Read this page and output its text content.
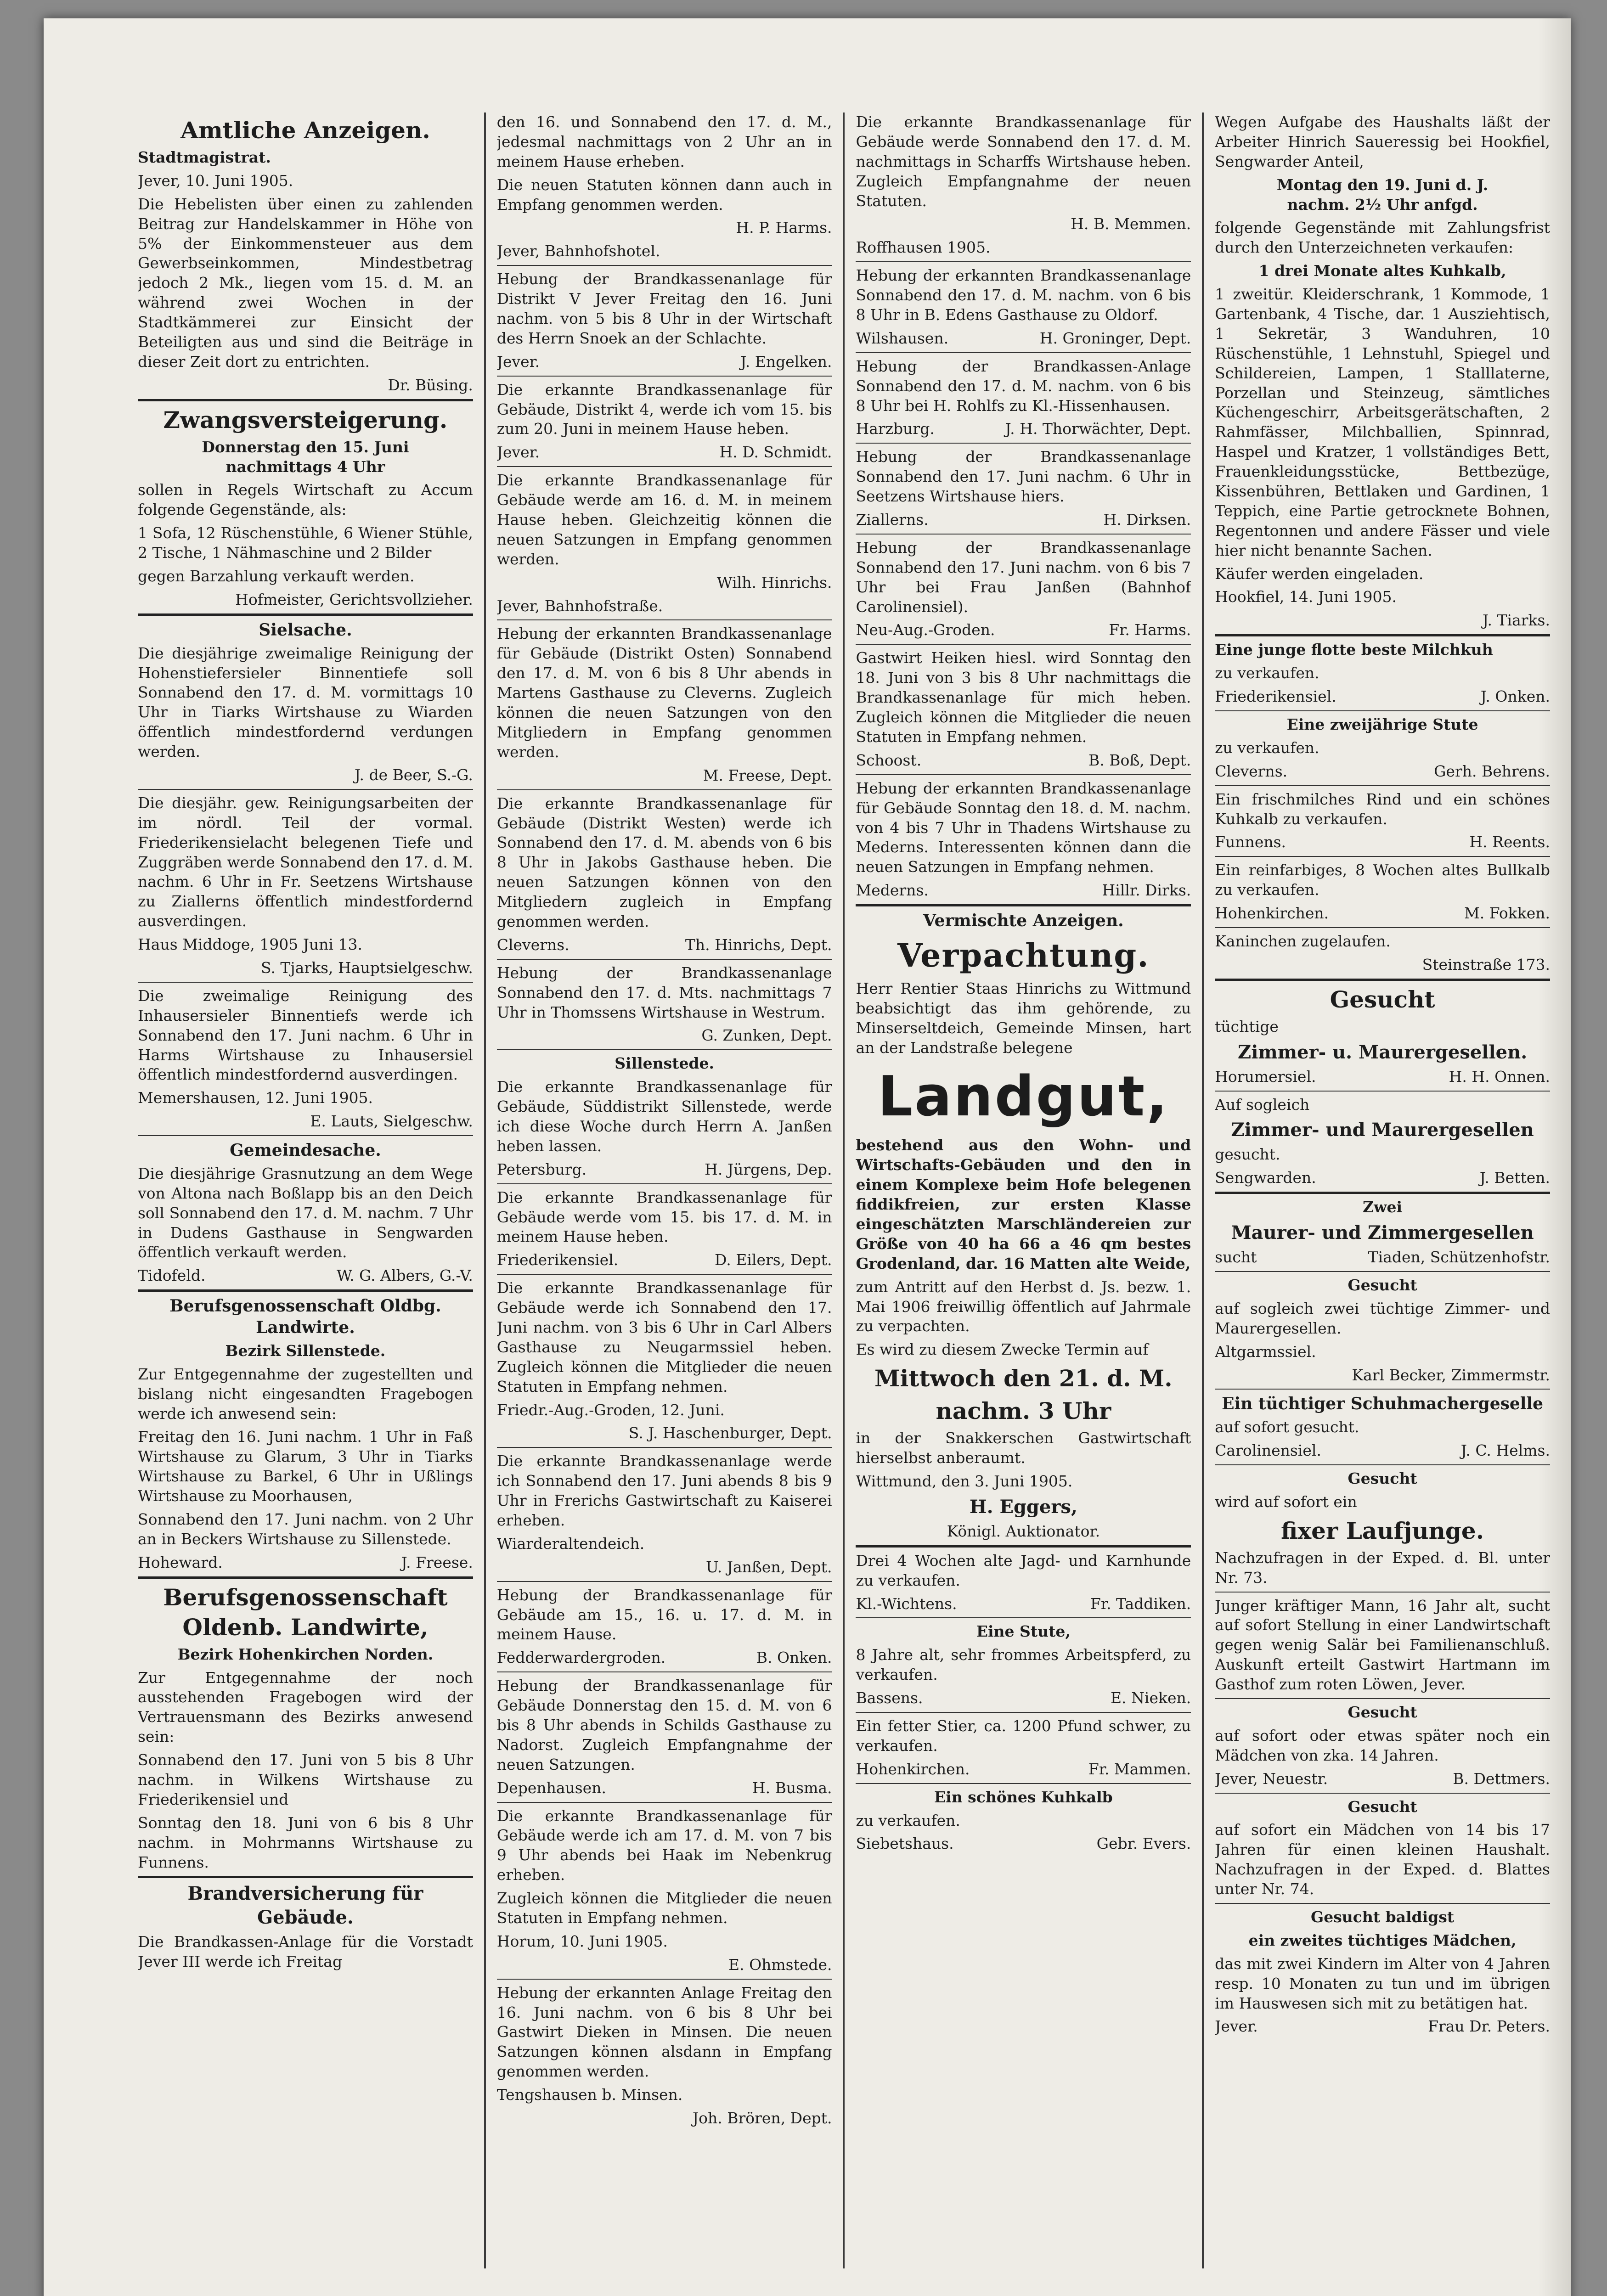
Amtliche Anzeigen.

Stadtmagistrat.

Jever, 10. Juni 1905.

Die Hebelisten über einen zu zahlenden Beitrag zur Handelskammer in Höhe von 5% der Einkommensteuer aus dem Gewerbseinkommen, Mindestbetrag jedoch 2 Mk., liegen vom 15. d. M. an während zwei Wochen in der Stadtkämmerei zur Einsicht der Beteiligten aus und sind die Beiträge in dieser Zeit dort zu entrichten.

Dr. Büsing.
Zwangsversteigerung.

Donnerstag den 15. Juni

nachmittags 4 Uhr

sollen in Regels Wirtschaft zu Accum folgende Gegenstände, als:

1 Sofa, 12 Rüschenstühle, 6 Wiener Stühle, 2 Tische, 1 Nähmaschine und 2 Bilder

gegen Barzahlung verkauft werden.

Hofmeister, Gerichtsvollzieher.
Sielsache.

Die diesjährige zweimalige Reinigung der Hohenstiefersieler Binnentiefe soll Sonnabend den 17. d. M. vormittags 10 Uhr in Tiarks Wirtshause zu Wiarden öffentlich mindestfordernd verdungen werden.

J. de Beer, S.-G.

Die diesjähr. gew. Reinigungsarbeiten der im nördl. Teil der vormal. Friederikensielacht belegenen Tiefe und Zuggräben werde Sonnabend den 17. d. M. nachm. 6 Uhr in Fr. Seetzens Wirtshause zu Ziallerns öffentlich mindestfordernd ausverdingen.

Haus Middoge, 1905 Juni 13.

S. Tjarks, Hauptsielgeschw.

Die zweimalige Reinigung des Inhausersieler Binnentiefs werde ich Sonnabend den 17. Juni nachm. 6 Uhr in Harms Wirtshause zu Inhausersiel öffentlich mindestfordernd ausverdingen.

Memershausen, 12. Juni 1905.

E. Lauts, Sielgeschw.
Gemeindesache.

Die diesjährige Grasnutzung an dem Wege von Altona nach Boßlapp bis an den Deich soll Sonnabend den 17. d. M. nachm. 7 Uhr in Dudens Gasthause in Sengwarden öffentlich verkauft werden.

Tidofeld.	W. G. Albers, G.-V.
Berufsgenossenschaft Oldbg. Landwirte.

Bezirk Sillenstede.

Zur Entgegennahme der zugestellten und bislang nicht eingesandten Fragebogen werde ich anwesend sein:

Freitag den 16. Juni nachm. 1 Uhr in Faß Wirtshause zu Glarum, 3 Uhr in Tiarks Wirtshause zu Barkel, 6 Uhr in Ußlings Wirtshause zu Moorhausen,

Sonnabend den 17. Juni nachm. von 2 Uhr an in Beckers Wirtshause zu Sillenstede.

Hoheward.	J. Freese.
Berufsgenossenschaft Oldenb. Landwirte,

Bezirk Hohenkirchen Norden.

Zur Entgegennahme der noch ausstehenden Fragebogen wird der Vertrauensmann des Bezirks anwesend sein:

Sonnabend den 17. Juni von 5 bis 8 Uhr nachm. in Wilkens Wirtshause zu Friederikensiel und

Sonntag den 18. Juni von 6 bis 8 Uhr nachm. in Mohrmanns Wirtshause zu Funnens.

Brandversicherung für Gebäude.

Die Brandkassen-Anlage für die Vorstadt Jever III werde ich Freitag

den 16. und Sonnabend den 17. d. M., jedesmal nachmittags von 2 Uhr an in meinem Hause erheben.

Die neuen Statuten können dann auch in Empfang genommen werden.

H. P. Harms.

Jever, Bahnhofshotel.

Hebung der Brandkassenanlage für Distrikt V Jever Freitag den 16. Juni nachm. von 5 bis 8 Uhr in der Wirtschaft des Herrn Snoek an der Schlachte.

Jever.	J. Engelken.

Die erkannte Brandkassenanlage für Gebäude, Distrikt 4, werde ich vom 15. bis zum 20. Juni in meinem Hause heben.

Jever.	H. D. Schmidt.

Die erkannte Brandkassenanlage für Gebäude werde am 16. d. M. in meinem Hause heben. Gleichzeitig können die neuen Satzungen in Empfang genommen werden.

Wilh. Hinrichs.

Jever, Bahnhofstraße.

Hebung der erkannten Brandkassenanlage für Gebäude (Distrikt Osten) Sonnabend den 17. d. M. von 6 bis 8 Uhr abends in Martens Gasthause zu Cleverns. Zugleich können die neuen Satzungen von den Mitgliedern in Empfang genommen werden.

M. Freese, Dept.

Die erkannte Brandkassenanlage für Gebäude (Distrikt Westen) werde ich Sonnabend den 17. d. M. abends von 6 bis 8 Uhr in Jakobs Gasthause heben. Die neuen Satzungen können von den Mitgliedern zugleich in Empfang genommen werden.

Cleverns.	Th. Hinrichs, Dept.

Hebung der Brandkassenanlage Sonnabend den 17. d. Mts. nachmittags 7 Uhr in Thomssens Wirtshause in Westrum.

G. Zunken, Dept.

Sillenstede.

Die erkannte Brandkassenanlage für Gebäude, Süddistrikt Sillenstede, werde ich diese Woche durch Herrn A. Janßen heben lassen.

Petersburg.	H. Jürgens, Dep.

Die erkannte Brandkassenanlage für Gebäude werde vom 15. bis 17. d. M. in meinem Hause heben.

Friederikensiel.	D. Eilers, Dept.

Die erkannte Brandkassenanlage für Gebäude werde ich Sonnabend den 17. Juni nachm. von 3 bis 6 Uhr in Carl Albers Gasthause zu Neugarmssiel heben. Zugleich können die Mitglieder die neuen Statuten in Empfang nehmen.

Friedr.-Aug.-Groden, 12. Juni.

S. J. Haschenburger, Dept.

Die erkannte Brandkassenanlage werde ich Sonnabend den 17. Juni abends 8 bis 9 Uhr in Frerichs Gastwirtschaft zu Kaiserei erheben.

Wiarderaltendeich.

U. Janßen, Dept.

Hebung der Brandkassenanlage für Gebäude am 15., 16. u. 17. d. M. in meinem Hause.

Fedderwardergroden.	B. Onken.

Hebung der Brandkassenanlage für Gebäude Donnerstag den 15. d. M. von 6 bis 8 Uhr abends in Schilds Gasthause zu Nadorst. Zugleich Empfangnahme der neuen Satzungen.

Depenhausen.	H. Busma.

Die erkannte Brandkassenanlage für Gebäude werde ich am 17. d. M. von 7 bis 9 Uhr abends bei Haak im Nebenkrug erheben.

Zugleich können die Mitglieder die neuen Statuten in Empfang nehmen.

Horum, 10. Juni 1905.

E. Ohmstede.

Hebung der erkannten Anlage Freitag den 16. Juni nachm. von 6 bis 8 Uhr bei Gastwirt Dieken in Minsen. Die neuen Satzungen können alsdann in Empfang genommen werden.

Tengshausen b. Minsen.

Joh. Brören, Dept.

Die erkannte Brandkassenanlage für Gebäude werde Sonnabend den 17. d. M. nachmittags in Scharffs Wirtshause heben. Zugleich Empfangnahme der neuen Statuten.

H. B. Memmen.

Roffhausen 1905.

Hebung der erkannten Brandkassenanlage Sonnabend den 17. d. M. nachm. von 6 bis 8 Uhr in B. Edens Gasthause zu Oldorf.

Wilshausen.	H. Groninger, Dept.

Hebung der Brandkassen-Anlage Sonnabend den 17. d. M. nachm. von 6 bis 8 Uhr bei H. Rohlfs zu Kl.-Hissenhausen.

Harzburg.	J. H. Thorwächter, Dept.

Hebung der Brandkassenanlage Sonnabend den 17. Juni nachm. 6 Uhr in Seetzens Wirtshause hiers.

Ziallerns.	H. Dirksen.

Hebung der Brandkassenanlage Sonnabend den 17. Juni nachm. von 6 bis 7 Uhr bei Frau Janßen (Bahnhof Carolinensiel).

Neu-Aug.-Groden.	Fr. Harms.

Gastwirt Heiken hiesl. wird Sonntag den 18. Juni von 3 bis 8 Uhr nachmittags die Brandkassenanlage für mich heben. Zugleich können die Mitglieder die neuen Statuten in Empfang nehmen.

Schoost.	B. Boß, Dept.

Hebung der erkannten Brandkassenanlage für Gebäude Sonntag den 18. d. M. nachm. von 4 bis 7 Uhr in Thadens Wirtshause zu Mederns. Interessenten können dann die neuen Satzungen in Empfang nehmen.

Mederns.	Hillr. Dirks.
Vermischte Anzeigen.
Verpachtung.

Herr Rentier Staas Hinrichs zu Wittmund beabsichtigt das ihm gehörende, zu Minserseltdeich, Gemeinde Minsen, hart an der Landstraße belegene

Landgut,

bestehend aus den Wohn- und Wirtschafts-Gebäuden und den in einem Komplexe beim Hofe belegenen fiddikfreien, zur ersten Klasse eingeschätzten Marschländereien zur Größe von 40 ha 66 a 46 qm bestes Grodenland, dar. 16 Matten alte Weide,

zum Antritt auf den Herbst d. Js. bezw. 1. Mai 1906 freiwillig öffentlich auf Jahrmale zu verpachten.

Es wird zu diesem Zwecke Termin auf

Mittwoch den 21. d. M.
nachm. 3 Uhr

in der Snakkerschen Gastwirtschaft hierselbst anberaumt.

Wittmund, den 3. Juni 1905.

H. Eggers,

Königl. Auktionator.

Drei 4 Wochen alte Jagd- und Karnhunde zu verkaufen.

Kl.-Wichtens.	Fr. Taddiken.

Eine Stute,

8 Jahre alt, sehr frommes Arbeitspferd, zu verkaufen.

Bassens.	E. Nieken.

Ein fetter Stier, ca. 1200 Pfund schwer, zu verkaufen.

Hohenkirchen.	Fr. Mammen.

Ein schönes Kuhkalb

zu verkaufen.

Siebetshaus.	Gebr. Evers.

Wegen Aufgabe des Haushalts läßt der Arbeiter Hinrich Saueressig bei Hookfiel, Sengwarder Anteil,

Montag den 19. Juni d. J.

nachm. 2½ Uhr anfgd.

folgende Gegenstände mit Zahlungsfrist durch den Unterzeichneten verkaufen:

1 drei Monate altes Kuhkalb,

1 zweitür. Kleiderschrank, 1 Kommode, 1 Gartenbank, 4 Tische, dar. 1 Ausziehtisch, 1 Sekretär, 3 Wanduhren, 10 Rüschenstühle, 1 Lehnstuhl, Spiegel und Schildereien, Lampen, 1 Stalllaterne, Porzellan und Steinzeug, sämtliches Küchengeschirr, Arbeitsgerätschaften, 2 Rahmfässer, Milchballien, Spinnrad, Haspel und Kratzer, 1 vollständiges Bett, Frauenkleidungsstücke, Bettbezüge, Kissenbühren, Bettlaken und Gardinen, 1 Teppich, eine Partie getrocknete Bohnen, Regentonnen und andere Fässer und viele hier nicht benannte Sachen.

Käufer werden eingeladen.

Hookfiel, 14. Juni 1905.

J. Tiarks.

Eine junge flotte beste Milchkuh

zu verkaufen.

Friederikensiel.	J. Onken.

Eine zweijährige Stute

zu verkaufen.

Cleverns.	Gerh. Behrens.

Ein frischmilches Rind und ein schönes Kuhkalb zu verkaufen.

Funnens.	H. Reents.

Ein reinfarbiges, 8 Wochen altes Bullkalb zu verkaufen.

Hohenkirchen.	M. Fokken.

Kaninchen zugelaufen.

Steinstraße 173.
Gesucht

tüchtige

Zimmer- u. Maurergesellen.
Horumersiel.	H. H. Onnen.

Auf sogleich

Zimmer- und Maurergesellen

gesucht.

Sengwarden.	J. Betten.

Zwei

Maurer- und Zimmergesellen
sucht	Tiaden, Schützenhofstr.

Gesucht

auf sogleich zwei tüchtige Zimmer- und Maurergesellen.

Altgarmssiel.

Karl Becker, Zimmermstr.
Ein tüchtiger Schuhmachergeselle

auf sofort gesucht.

Carolinensiel.	J. C. Helms.

Gesucht

wird auf sofort ein

fixer Laufjunge.

Nachzufragen in der Exped. d. Bl. unter Nr. 73.

Junger kräftiger Mann, 16 Jahr alt, sucht auf sofort Stellung in einer Landwirtschaft gegen wenig Salär bei Familienanschluß. Auskunft erteilt Gastwirt Hartmann im Gasthof zum roten Löwen, Jever.

Gesucht

auf sofort oder etwas später noch ein Mädchen von zka. 14 Jahren.

Jever, Neuestr.	B. Dettmers.

Gesucht

auf sofort ein Mädchen von 14 bis 17 Jahren für einen kleinen Haushalt. Nachzufragen in der Exped. d. Blattes unter Nr. 74.

Gesucht baldigst

ein zweites tüchtiges Mädchen,

das mit zwei Kindern im Alter von 4 Jahren resp. 10 Monaten zu tun und im übrigen im Hauswesen sich mit zu betätigen hat.

Jever.	Frau Dr. Peters.
